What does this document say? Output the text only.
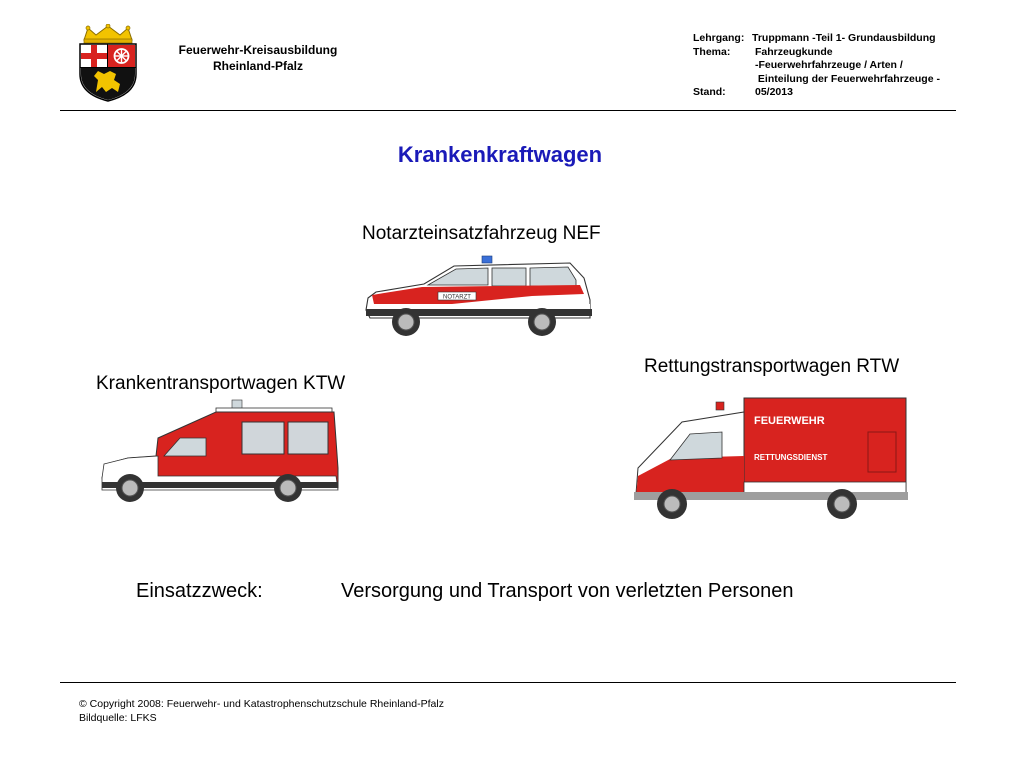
Feuerwehr-Kreisausbildung
Rheinland-Pfalz
Lehrgang: Truppmann -Teil 1- Grundausbildung
Thema: Fahrzeugkunde
-Feuerwehrfahrzeuge / Arten /
Einteilung der Feuerwehrfahrzeuge -
Stand:	05/2013
Krankenkraftwagen
Notarzteinsatzfahrzeug NEF
NOTARZT
Krankentransportwagen KTW
Rettungstransportwagen RTW
FEUERWEHR
RETTUNGSDIENST
Einsatzzweck:	Versorgung und Transport von verletzten Personen
© Copyright 2008: Feuerwehr- und Katastrophenschutzschule Rheinland-Pfalz
Bildquelle: LFKS
